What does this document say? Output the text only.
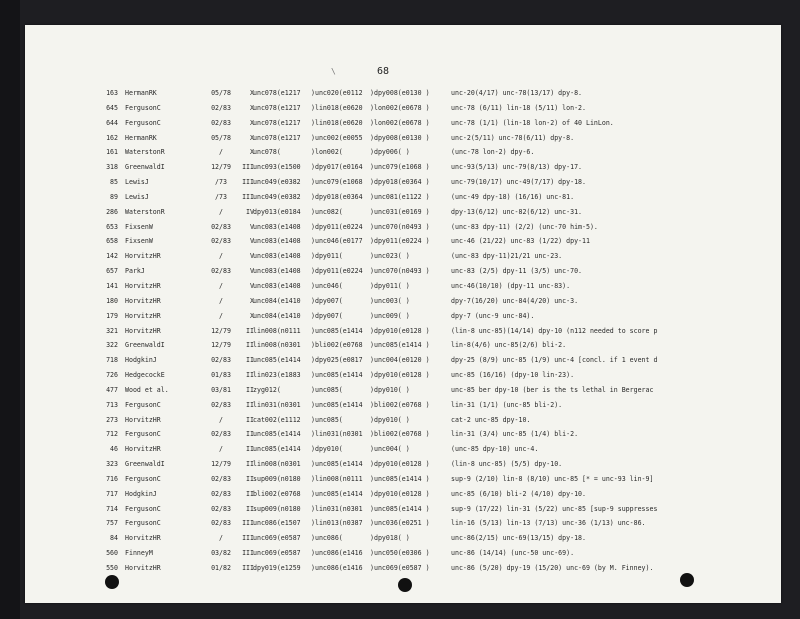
\	68
163 HermanRK	05/78	X unc078(e1217 )unc020(e0112 )dpy008(e0130 )	unc-20(4/17) unc-78(13/17) dpy-8.
645 FergusonC	02/83	X unc078(e1217 )lin018(e0620 )lon002(e0678 )	unc-78 (6/11) lin-18 (5/11) lon-2.
644 FergusonC	02/83	X unc078(e1217 )lin018(e0620 )lon002(e0678 )	unc-78 (1/1) (lin-18 lon-2) of 40 LinLon.
162 HermanRK	05/78	X unc078(e1217 )unc002(e0055 )dpy008(e0130 )	unc-2(5/11) unc-78(6/11) dpy-8.
161 WaterstonR	/	X unc078(	)lon002(	)dpy006( )	(unc-78 lon-2) dpy-6.
318 GreenwaldI	12/79	III unc093(e1500 )dpy017(e0164 )unc079(e1068 )	unc-93(5/13) unc-79(8/13) dpy-17.
85 LewisJ	/73	III unc049(e0382 )unc079(e1068 )dpy018(e0364 )	unc-79(10/17) unc-49(7/17) dpy-18.
89 LewisJ	/73	III unc049(e0382 )dpy018(e0364 )unc081(e1122 )	(unc-49 dpy-18) (16/16) unc-81.
286 WaterstonR	/	IV dpy013(e0184 )unc082(	)unc031(e0169 )	dpy-13(6/12) unc-82(6/12) unc-31.
653 FixsenW	02/83	V unc083(e1408 )dpy011(e0224 )unc070(n0493 )	(unc-83 dpy-11) (2/2) (unc-70 him-5).
658 FixsenW	02/83	V unc083(e1408 )unc046(e0177 )dpy011(e0224 )	unc-46 (21/22) unc-83 (1/22) dpy-11
142 HorvitzHR	/	V unc083(e1408 )dpy011(	)unc023( )	(unc-83 dpy-11)21/21 unc-23.
657 ParkJ	02/83	V unc083(e1408 )dpy011(e0224 )unc070(n0493 )	unc-83 (2/5) dpy-11 (3/5) unc-70.
141 HorvitzHR	/	V unc083(e1408 )unc046(	)dpy011( )	unc-46(10/10) (dpy-11 unc-83).
180 HorvitzHR	/	X unc084(e1410 )dpy007(	)unc003( )	dpy-7(16/20) unc-84(4/20) unc-3.
179 HorvitzHR	/	X unc084(e1410 )dpy007(	)unc009( )	dpy-7 (unc-9 unc-84).
321 HorvitzHR	12/79	II lin008(n0111 )unc085(e1414 )dpy010(e0128 )	(lin-8 unc-85)(14/14) dpy-10 (n112 needed to score p
322 GreenwaldI	12/79	II lin008(n0301 )bli002(e0768 )unc085(e1414 )	lin-8(4/6) unc-85(2/6) bli-2.
718 HodgkinJ	02/83	II unc085(e1414 )dpy025(e0817 )unc004(e0120 )	dpy-25 (8/9) unc-85 (1/9) unc-4 [concl. if 1 event d
726 HedgecockE	01/83	II lin023(e1883 )unc085(e1414 )dpy010(e0128 )	unc-85 (16/16) (dpy-10 lin-23).
477 Wood et al.	03/81	II zyg012(	)unc085(	)dpy010( )	unc-85 ber dpy-10 (ber is the ts lethal in Bergerac
713 FergusonC	02/83	II lin031(n0301 )unc085(e1414 )bli002(e0768 )	lin-31 (1/1) (unc-85 bli-2).
273 HorvitzHR	/	II cat002(e1112 )unc085(	)dpy010( )	cat-2 unc-85 dpy-10.
712 FergusonC	02/83	II unc085(e1414 )lin031(n0301 )bli002(e0768 )	lin-31 (3/4) unc-85 (1/4) bli-2.
46 HorvitzHR	/	II unc085(e1414 )dpy010(	)unc004( )	(unc-85 dpy-10) unc-4.
323 GreenwaldI	12/79	II lin008(n0301 )unc085(e1414 )dpy010(e0128 )	(lin-8 unc-85) (5/5) dpy-10.
716 FergusonC	02/83	II sup009(n0180 )lin008(n0111 )unc085(e1414 )	sup-9 (2/10) lin-8 (8/10) unc-85 [* = unc-93 lin-9]
717 HodgkinJ	02/83	II bli002(e0768 )unc085(e1414 )dpy010(e0128 )	unc-85 (6/10) bli-2 (4/10) dpy-10.
714 FergusonC	02/83	II sup009(n0180 )lin031(n0301 )unc085(e1414 )	sup-9 (17/22) lin-31 (5/22) unc-85 [sup-9 suppresses
757 FergusonC	02/83	III unc086(e1507 )lin013(n0387 )unc036(e0251 )	lin-16 (5/13) lin-13 (7/13) unc-36 (1/13) unc-86.
84 HorvitzHR	/	III unc069(e0587 )unc086(	)dpy018( )	unc-86(2/15) unc-69(13/15) dpy-18.
560 FinneyM	03/82	III unc069(e0587 )unc086(e1416 )unc050(e0306 )	unc-86 (14/14) (unc-50 unc-69).
550 HorvitzHR	01/82	III dpy019(e1259 )unc086(e1416 )unc069(e0587 )	unc-86 (5/20) dpy-19 (15/20) unc-69 (by M. Finney).
